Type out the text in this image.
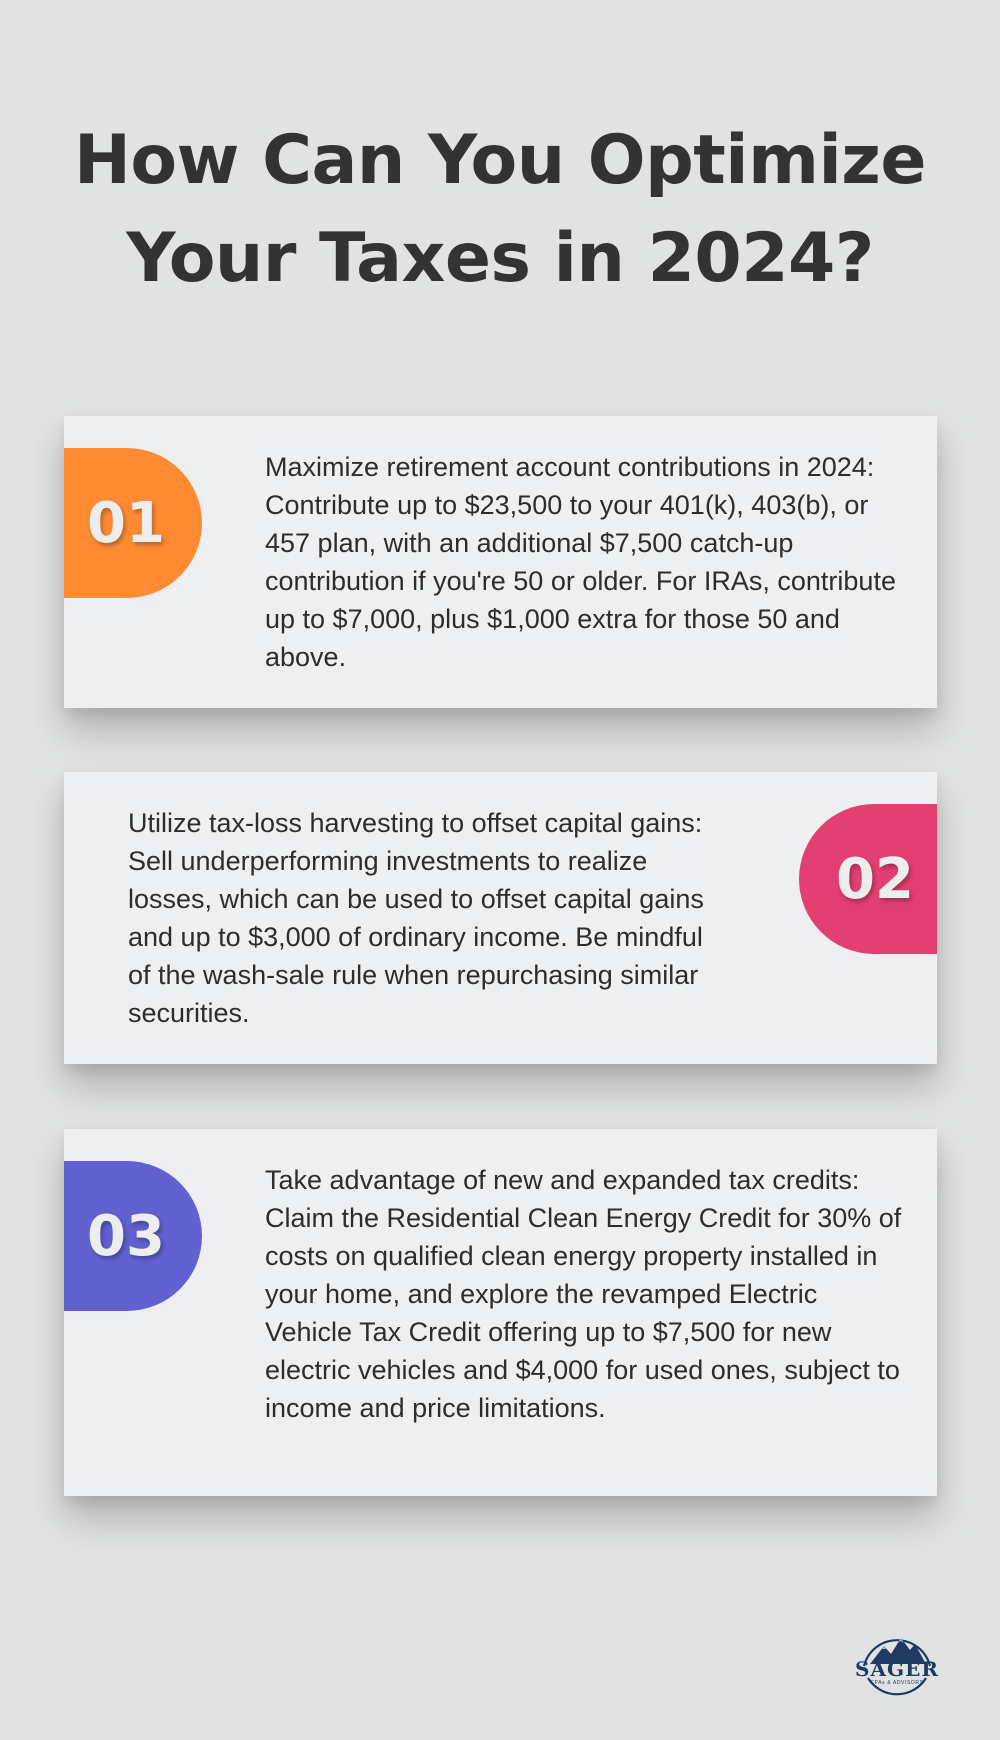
How Can You Optimize
Your Taxes in 2024?
01

Maximize retirement account contributions in 2024: Contribute up to $23,500 to your 401(k), 403(b), or 457 plan, with an additional $7,500 catch-up contribution if you're 50 or older. For IRAs, contribute up to $7,000, plus $1,000 extra for those 50 and above.

Utilize tax-loss harvesting to offset capital gains: Sell underperforming investments to realize losses, which can be used to offset capital gains and up to $3,000 of ordinary income. Be mindful of the wash-sale rule when repurchasing similar securities.

02
03

Take advantage of new and expanded tax credits: Claim the Residential Clean Energy Credit for 30% of costs on qualified clean energy property installed in your home, and explore the revamped Electric Vehicle Tax Credit offering up to $7,500 for new electric vehicles and $4,000 for used ones, subject to income and price limitations.

SAGER
CPAs & ADVISORS
